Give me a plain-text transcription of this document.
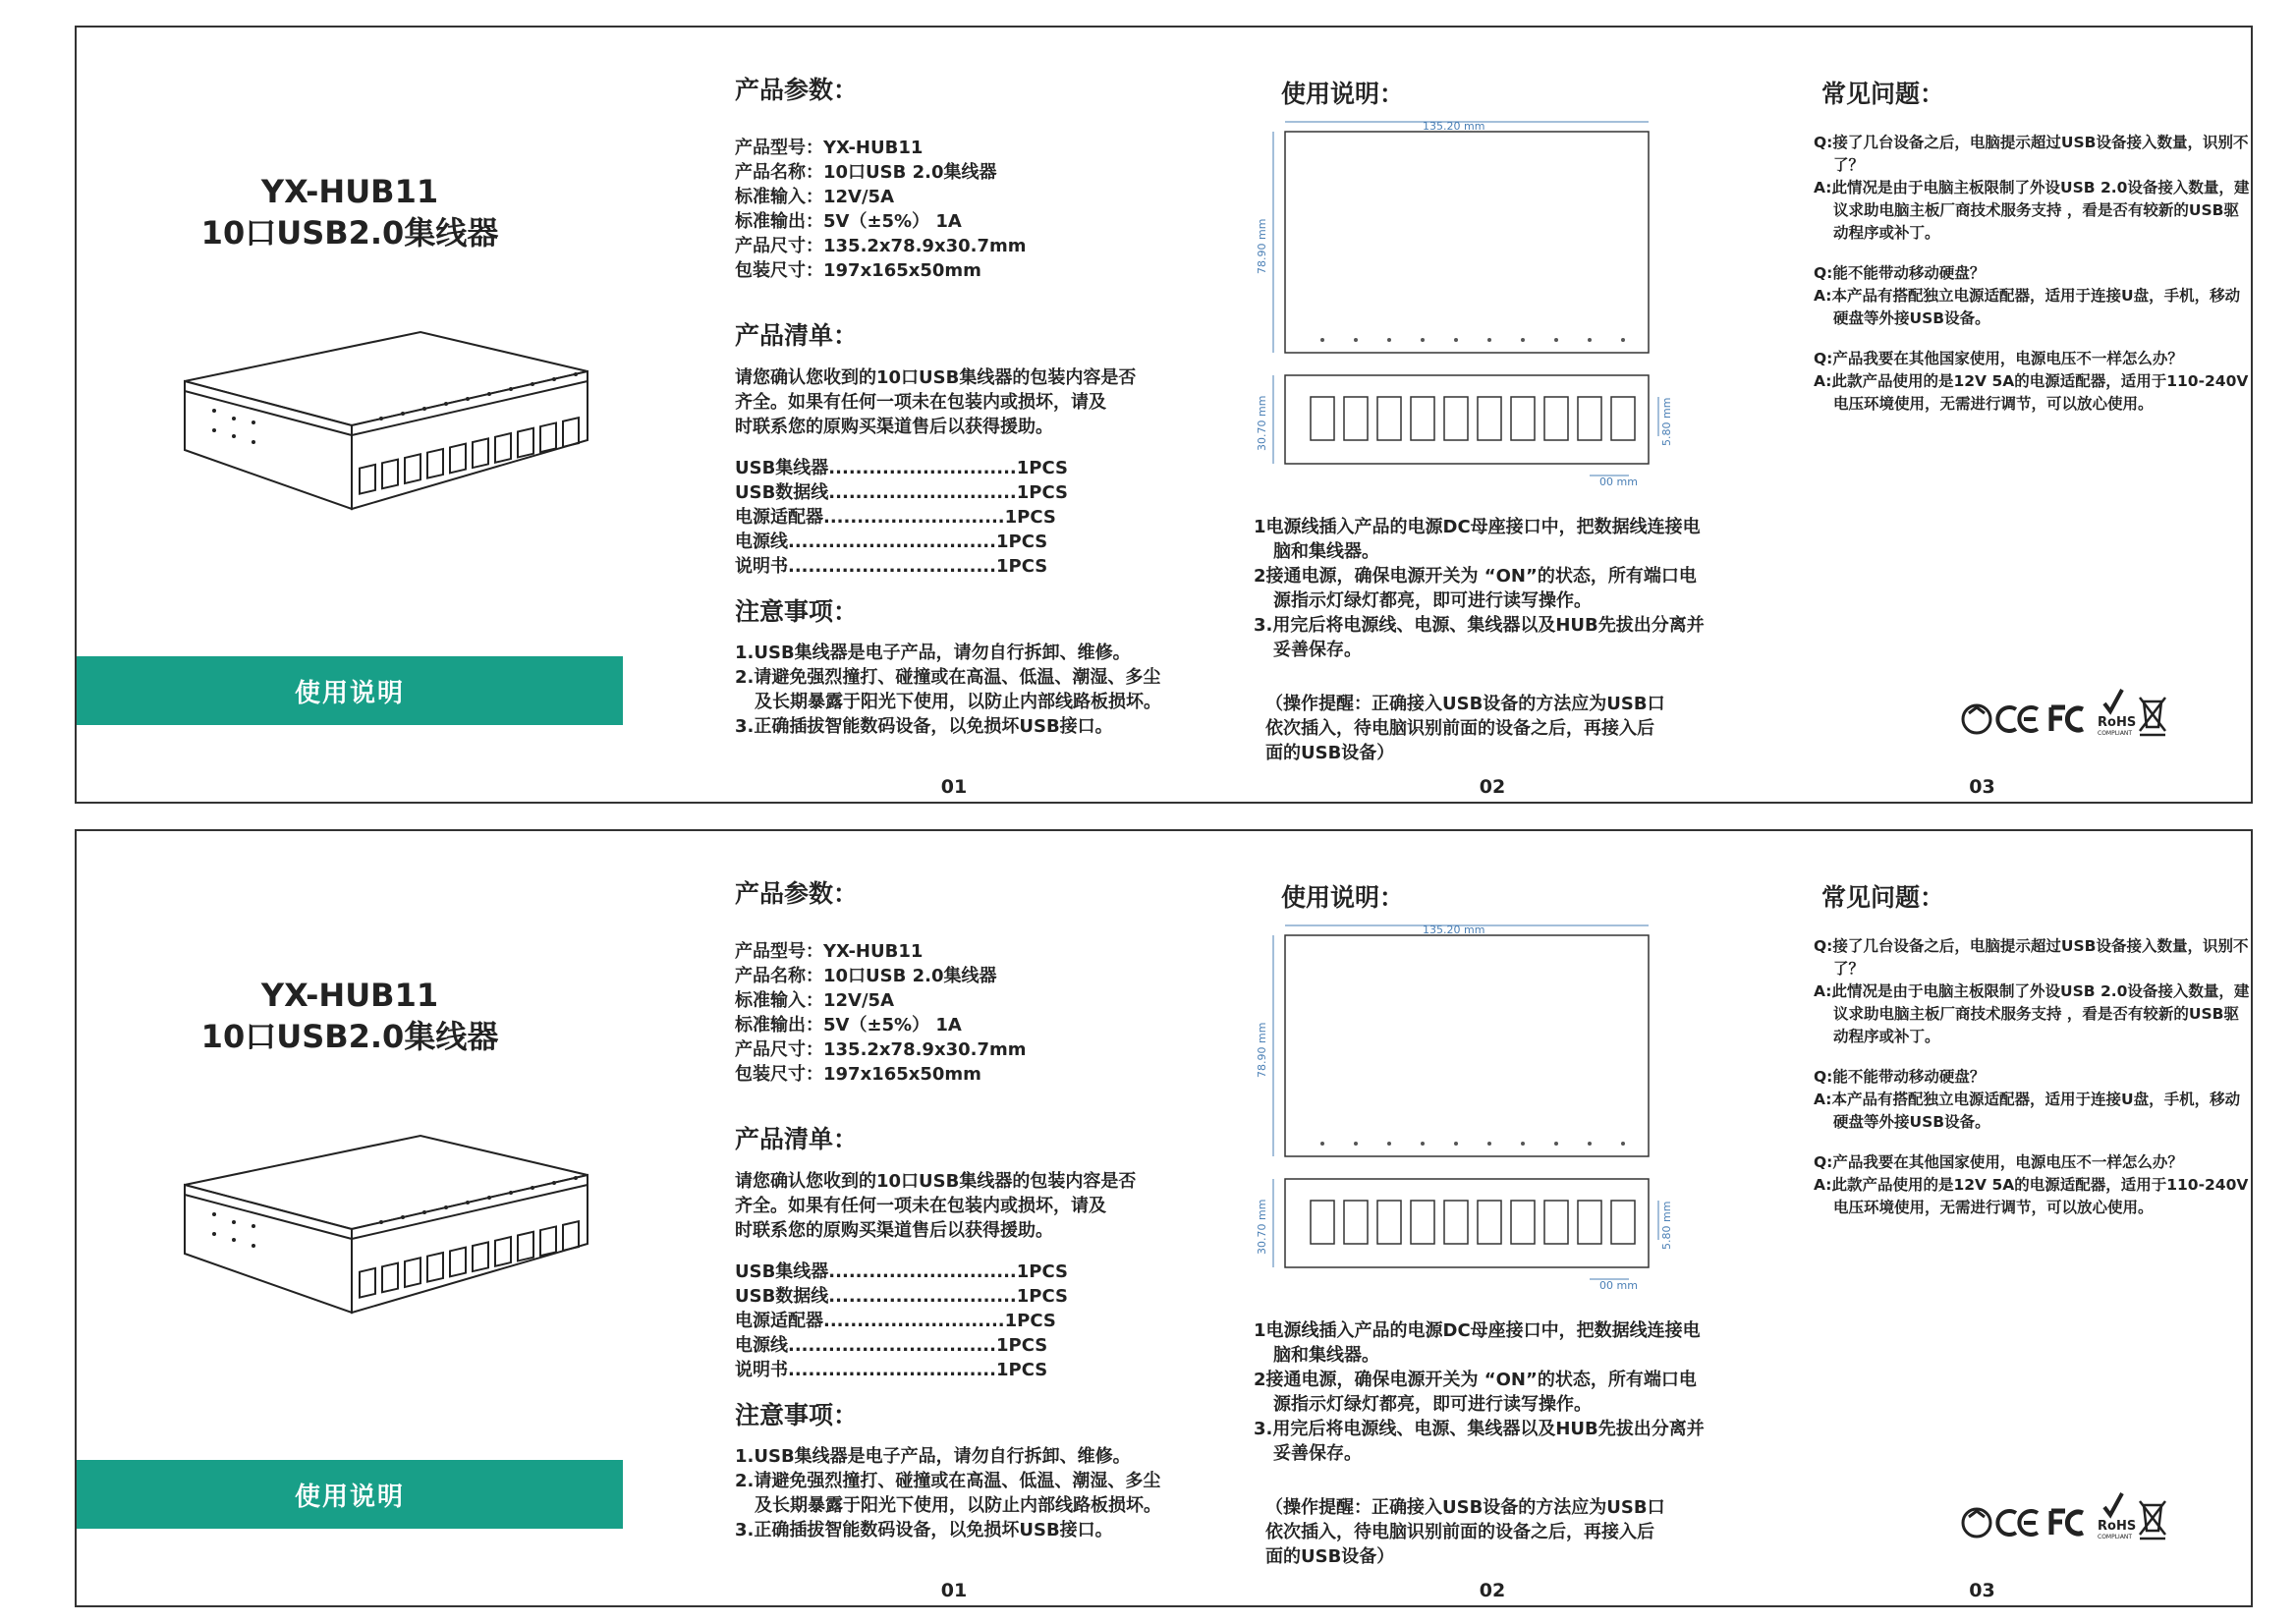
YX-HUB11
10口USB2.0集线器
使用说明
产品参数：
产品型号：YX-HUB11
产品名称：10口USB 2.0集线器
标准输入：12V/5A
标准输出：5V（±5%） 1A
产品尺寸：135.2x78.9x30.7mm
包装尺寸：197x165x50mm
产品清单：
请您确认您收到的10口USB集线器的包装内容是否
齐全。如果有任何一项未在包装内或损坏，请及
时联系您的原购买渠道售后以获得援助。
USB集线器............................1PCS
USB数据线............................1PCS
电源适配器...........................1PCS
电源线...............................1PCS
说明书...............................1PCS
注意事项：
1.USB集线器是电子产品，请勿自行拆卸、维修。
2.请避免强烈撞打、碰撞或在高温、低温、潮湿、多尘及长期暴露于阳光下使用，以防止内部线路板损坏。
3.正确插拔智能数码设备，以免损坏USB接口。
01
使用说明：
135.20 mm
78.90 mm
30.70 mm	5.80 mm
00 mm
1电源线插入产品的电源DC母座接口中，把数据线连接电脑和集线器。
2接通电源，确保电源开关为 “ON”的状态，所有端口电源指示灯绿灯都亮，即可进行读写操作。
3.用完后将电源线、电源、集线器以及HUB先拔出分离并妥善保存。
（操作提醒：正确接入USB设备的方法应为USB口
依次插入，待电脑识别前面的设备之后，再接入后
面的USB设备）
02
常见问题：
Q:接了几台设备之后，电脑提示超过USB设备接入数量，识别不了？
A:此情况是由于电脑主板限制了外设USB 2.0设备接入数量，建议求助电脑主板厂商技术服务支持 ，看是否有较新的USB驱动程序或补丁。
Q:能不能带动移动硬盘？
A:本产品有搭配独立电源适配器，适用于连接U盘，手机，移动硬盘等外接USB设备。
Q:产品我要在其他国家使用，电源电压不一样怎么办？
A:此款产品使用的是12V 5A的电源适配器，适用于110-240V电压环境使用，无需进行调节，可以放心使用。
RoHS
COMPLIANT
03
YX-HUB11
10口USB2.0集线器
使用说明
产品参数：
产品型号：YX-HUB11
产品名称：10口USB 2.0集线器
标准输入：12V/5A
标准输出：5V（±5%） 1A
产品尺寸：135.2x78.9x30.7mm
包装尺寸：197x165x50mm
产品清单：
请您确认您收到的10口USB集线器的包装内容是否
齐全。如果有任何一项未在包装内或损坏，请及
时联系您的原购买渠道售后以获得援助。
USB集线器............................1PCS
USB数据线............................1PCS
电源适配器...........................1PCS
电源线...............................1PCS
说明书...............................1PCS
注意事项：
1.USB集线器是电子产品，请勿自行拆卸、维修。
2.请避免强烈撞打、碰撞或在高温、低温、潮湿、多尘及长期暴露于阳光下使用，以防止内部线路板损坏。
3.正确插拔智能数码设备，以免损坏USB接口。
01
使用说明：
135.20 mm
78.90 mm
30.70 mm	5.80 mm
00 mm
1电源线插入产品的电源DC母座接口中，把数据线连接电脑和集线器。
2接通电源，确保电源开关为 “ON”的状态，所有端口电源指示灯绿灯都亮，即可进行读写操作。
3.用完后将电源线、电源、集线器以及HUB先拔出分离并妥善保存。
（操作提醒：正确接入USB设备的方法应为USB口
依次插入，待电脑识别前面的设备之后，再接入后
面的USB设备）
02
常见问题：
Q:接了几台设备之后，电脑提示超过USB设备接入数量，识别不了？
A:此情况是由于电脑主板限制了外设USB 2.0设备接入数量，建议求助电脑主板厂商技术服务支持 ，看是否有较新的USB驱动程序或补丁。
Q:能不能带动移动硬盘？
A:本产品有搭配独立电源适配器，适用于连接U盘，手机，移动硬盘等外接USB设备。
Q:产品我要在其他国家使用，电源电压不一样怎么办？
A:此款产品使用的是12V 5A的电源适配器，适用于110-240V电压环境使用，无需进行调节，可以放心使用。
RoHS
COMPLIANT
03
